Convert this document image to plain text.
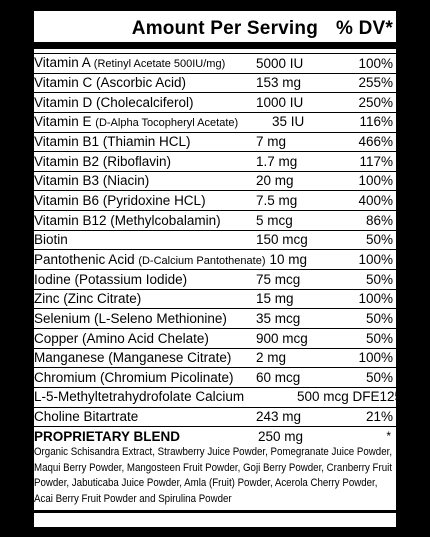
Amount Per Serving % DV*
Vitamin A (Retinyl Acetate 500IU/mg) 5000 IU	100%
Vitamin C (Ascorbic Acid)	153 mg	255%
Vitamin D (Cholecalciferol)	1000 IU	250%
Vitamin E (D-Alpha Tocopheryl Acetate)	35 IU	116%
Vitamin B1 (Thiamin HCL)	7 mg	466%
Vitamin B2 (Riboflavin)	1.7 mg	117%
Vitamin B3 (Niacin)	20 mg	100%
Vitamin B6 (Pyridoxine HCL)	7.5 mg	400%
Vitamin B12 (Methylcobalamin)	5 mcg	86%
Biotin	150 mcg	50%
Pantothenic Acid (D-Calcium Pantothenate) 10 mg	100%
Iodine (Potassium Iodide)	75 mcg	50%
Zinc (Zinc Citrate)	15 mg	100%
Selenium (L-Seleno Methionine) 35 mcg	50%
Copper (Amino Acid Chelate)	900 mcg	50%
Manganese (Manganese Citrate) 2 mg	100%
Chromium (Chromium Picolinate) 60 mcg	50%
L-5-Methyltetrahydrofolate Calcium	500 mcg DFE 125%
Choline Bitartrate	243 mg	21%
PROPRIETARY BLEND	250 mg	*
Organic Schisandra Extract, Strawberry Juice Powder, Pomegranate Juice Powder, Maqui Berry Powder, Mangosteen Fruit Powder, Goji Berry Powder, Cranberry Fruit Powder, Jabuticaba Juice Powder, Amla (Fruit) Powder, Acerola Cherry Powder, Acai Berry Fruit Powder and Spirulina Powder
